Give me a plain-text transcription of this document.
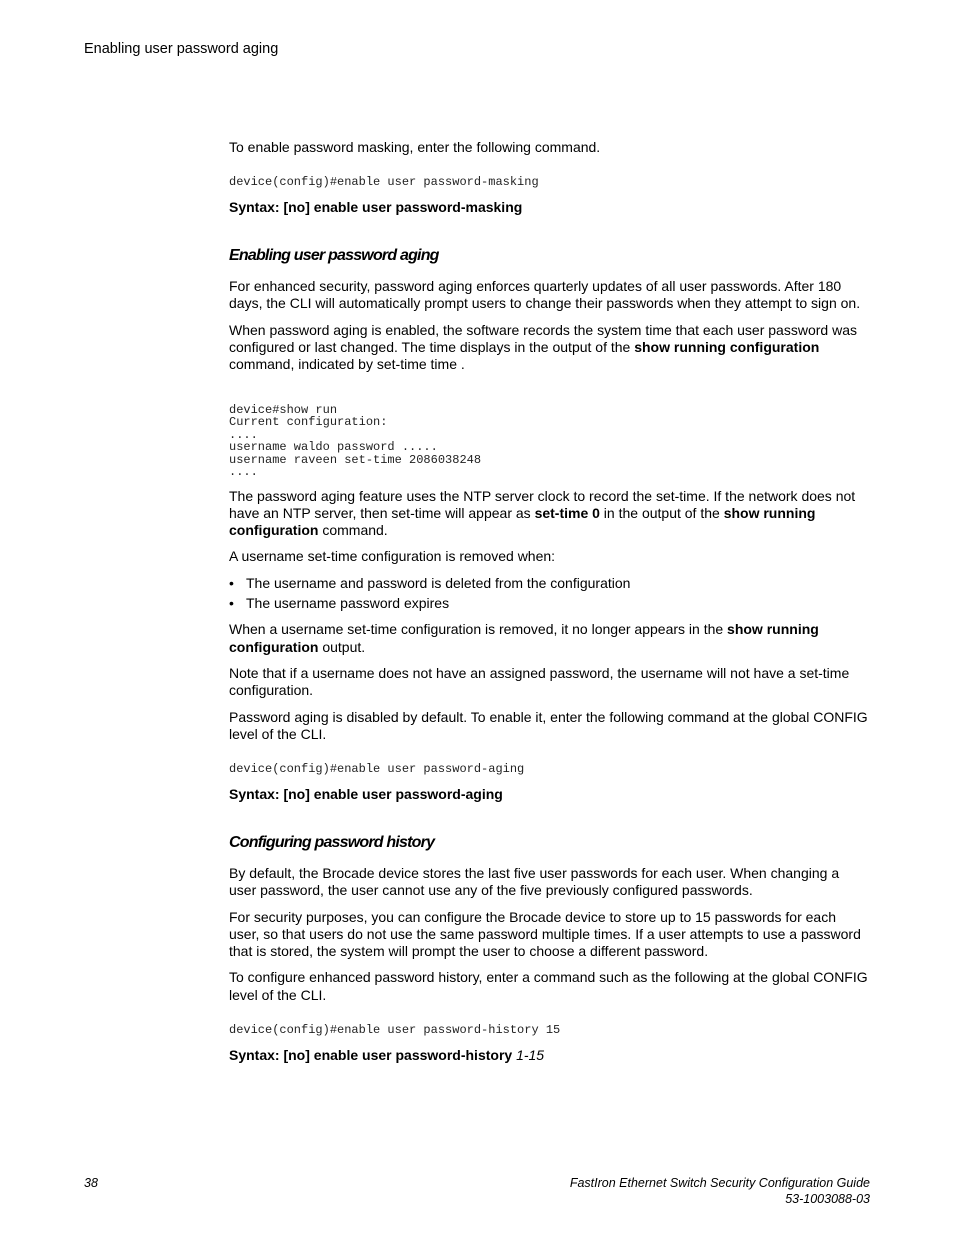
Enabling user password aging

To enable password masking, enter the following command.

device(config)#enable user password-masking

Syntax: [no] enable user password-masking

Enabling user password aging

For enhanced security, password aging enforces quarterly updates of all user passwords. After 180 days, the CLI will automatically prompt users to change their passwords when they attempt to sign on.

When password aging is enabled, the software records the system time that each user password was configured or last changed. The time displays in the output of the show running configuration command, indicated by set-time time .

device#show run
Current configuration:
....
username waldo password .....
username raveen set-time 2086038248
....

The password aging feature uses the NTP server clock to record the set-time. If the network does not have an NTP server, then set-time will appear as set-time 0 in the output of the show running configuration command.

A username set-time configuration is removed when:

• The username and password is deleted from the configuration
• The username password expires

When a username set-time configuration is removed, it no longer appears in the show running configuration output.

Note that if a username does not have an assigned password, the username will not have a set-time configuration.

Password aging is disabled by default. To enable it, enter the following command at the global CONFIG level of the CLI.

device(config)#enable user password-aging

Syntax: [no] enable user password-aging

Configuring password history

By default, the Brocade device stores the last five user passwords for each user. When changing a user password, the user cannot use any of the five previously configured passwords.

For security purposes, you can configure the Brocade device to store up to 15 passwords for each user, so that users do not use the same password multiple times. If a user attempts to use a password that is stored, the system will prompt the user to choose a different password.

To configure enhanced password history, enter a command such as the following at the global CONFIG level of the CLI.

device(config)#enable user password-history 15

Syntax: [no] enable user password-history 1-15

38	FastIron Ethernet Switch Security Configuration Guide
53-1003088-03
